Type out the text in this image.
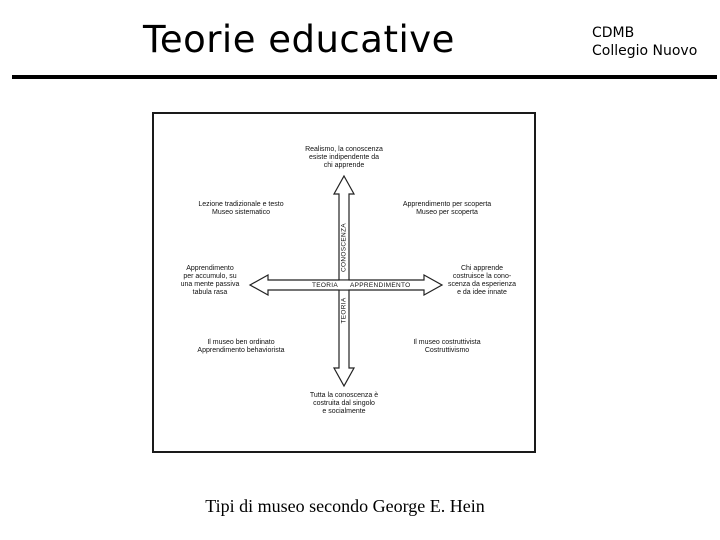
Teorie educative	CDMB
Collegio Nuovo
Realismo, la conoscenza
esiste indipendente da
chi apprende
Tutta la conoscenza è
costruita dal singolo
e socialmente
Apprendimento
per accumulo, su
una mente passiva
tabula rasa
Chi apprende
costruisce la cono-
scenza da esperienza
e da idee innate
CONOSCENZA
TEORIA
TEORIA APPRENDIMENTO
Lezione tradizionale e testo
Museo sistematico
Apprendimento per scoperta
Museo per scoperta
Il museo ben ordinato
Apprendimento behaviorista
Il museo costruttivista
Costruttivismo
Tipi di museo secondo George E. Hein
